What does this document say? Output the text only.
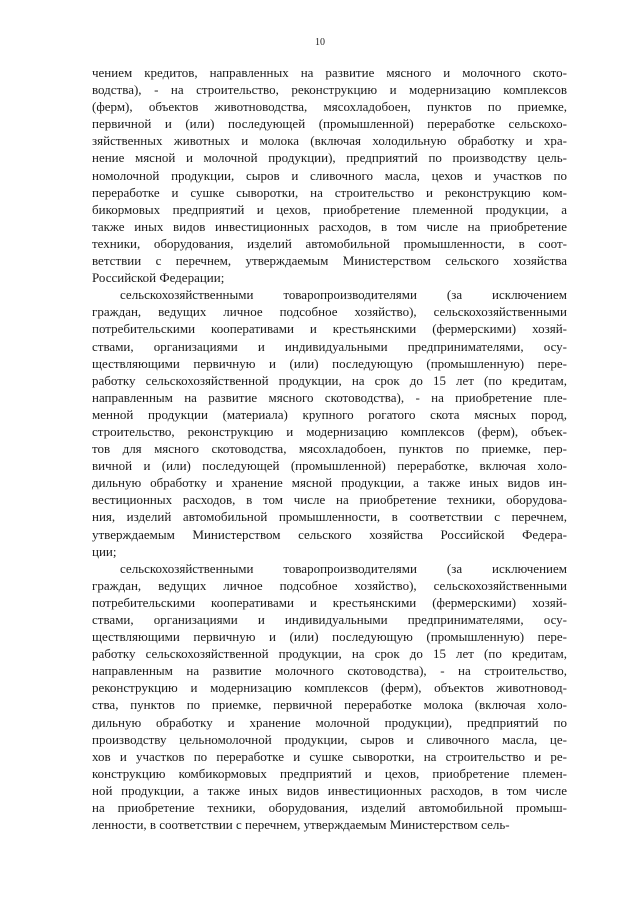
10
чением кредитов, направленных на развитие мясного и молочного ското-
водства), - на строительство, реконструкцию и модернизацию комплексов
(ферм), объектов животноводства, мясохладобоен, пунктов по приемке,
первичной и (или) последующей (промышленной) переработке сельскохо-
зяйственных животных и молока (включая холодильную обработку и хра-
нение мясной и молочной продукции), предприятий по производству цель-
номолочной продукции, сыров и сливочного масла, цехов и участков по
переработке и сушке сыворотки, на строительство и реконструкцию ком-
бикормовых предприятий и цехов, приобретение племенной продукции, а
также иных видов инвестиционных расходов, в том числе на приобретение
техники, оборудования, изделий автомобильной промышленности, в соот-
ветствии с перечнем, утверждаемым Министерством сельского хозяйства
Российской Федерации;
сельскохозяйственными товаропроизводителями (за исключением
граждан, ведущих личное подсобное хозяйство), сельскохозяйственными
потребительскими кооперативами и крестьянскими (фермерскими) хозяй-
ствами, организациями и индивидуальными предпринимателями, осу-
ществляющими первичную и (или) последующую (промышленную) пере-
работку сельскохозяйственной продукции, на срок до 15 лет (по кредитам,
направленным на развитие мясного скотоводства), - на приобретение пле-
менной продукции (материала) крупного рогатого скота мясных пород,
строительство, реконструкцию и модернизацию комплексов (ферм), объек-
тов для мясного скотоводства, мясохладобоен, пунктов по приемке, пер-
вичной и (или) последующей (промышленной) переработке, включая холо-
дильную обработку и хранение мясной продукции, а также иных видов ин-
вестиционных расходов, в том числе на приобретение техники, оборудова-
ния, изделий автомобильной промышленности, в соответствии с перечнем,
утверждаемым Министерством сельского хозяйства Российской Федера-
ции;
сельскохозяйственными товаропроизводителями (за исключением
граждан, ведущих личное подсобное хозяйство), сельскохозяйственными
потребительскими кооперативами и крестьянскими (фермерскими) хозяй-
ствами, организациями и индивидуальными предпринимателями, осу-
ществляющими первичную и (или) последующую (промышленную) пере-
работку сельскохозяйственной продукции, на срок до 15 лет (по кредитам,
направленным на развитие молочного скотоводства), - на строительство,
реконструкцию и модернизацию комплексов (ферм), объектов животновод-
ства, пунктов по приемке, первичной переработке молока (включая холо-
дильную обработку и хранение молочной продукции), предприятий по
производству цельномолочной продукции, сыров и сливочного масла, це-
хов и участков по переработке и сушке сыворотки, на строительство и ре-
конструкцию комбикормовых предприятий и цехов, приобретение племен-
ной продукции, а также иных видов инвестиционных расходов, в том числе
на приобретение техники, оборудования, изделий автомобильной промыш-
ленности, в соответствии с перечнем, утверждаемым Министерством сель-
